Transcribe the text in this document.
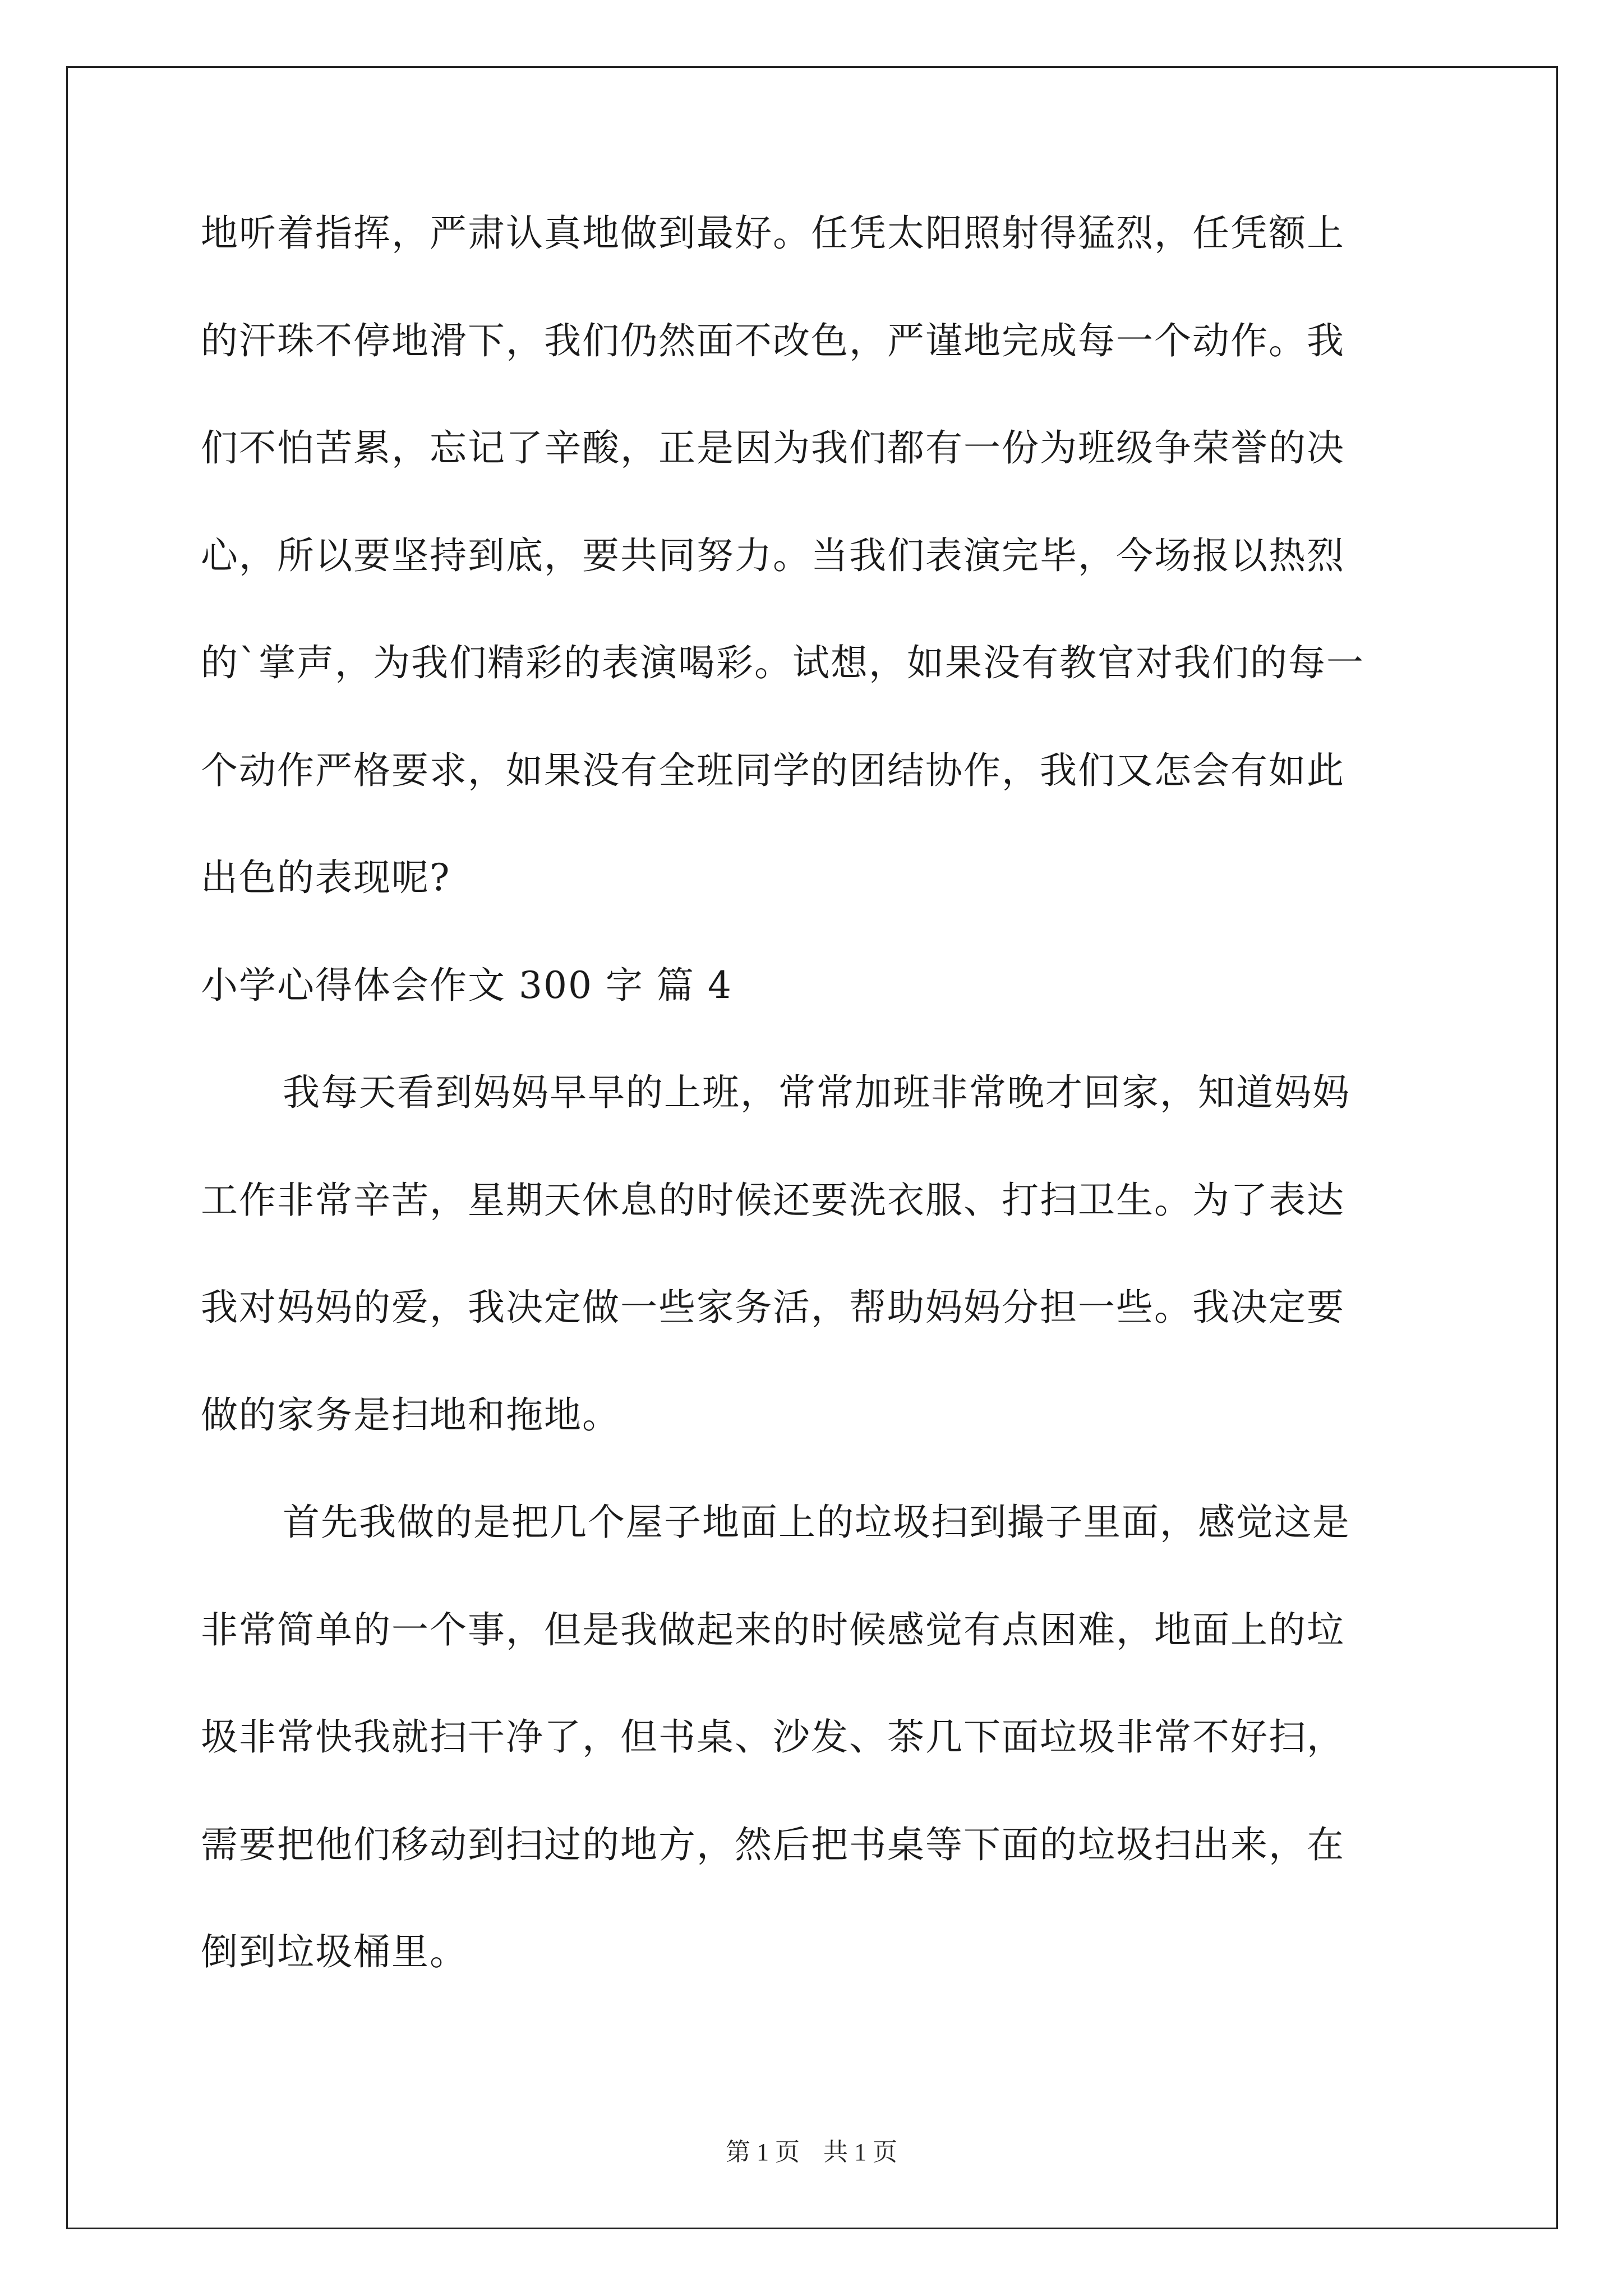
地听着指挥，严肃认真地做到最好。任凭太阳照射得猛烈，任凭额上
的汗珠不停地滑下，我们仍然面不改色，严谨地完成每一个动作。我
们不怕苦累，忘记了辛酸，正是因为我们都有一份为班级争荣誉的决
心，所以要坚持到底，要共同努力。当我们表演完毕，今场报以热烈
的`掌声，为我们精彩的表演喝彩。试想，如果没有教官对我们的每一
个动作严格要求，如果没有全班同学的团结协作，我们又怎会有如此
出色的表现呢?
小学心得体会作文 300 字 篇 4
我每天看到妈妈早早的上班，常常加班非常晚才回家，知道妈妈
工作非常辛苦，星期天休息的时候还要洗衣服、打扫卫生。为了表达
我对妈妈的爱，我决定做一些家务活，帮助妈妈分担一些。我决定要
做的家务是扫地和拖地。
首先我做的是把几个屋子地面上的垃圾扫到撮子里面，感觉这是
非常简单的一个事，但是我做起来的时候感觉有点困难，地面上的垃
圾非常快我就扫干净了，但书桌、沙发、茶几下面垃圾非常不好扫，
需要把他们移动到扫过的地方，然后把书桌等下面的垃圾扫出来，在
倒到垃圾桶里。
第 1 页 共 1 页
